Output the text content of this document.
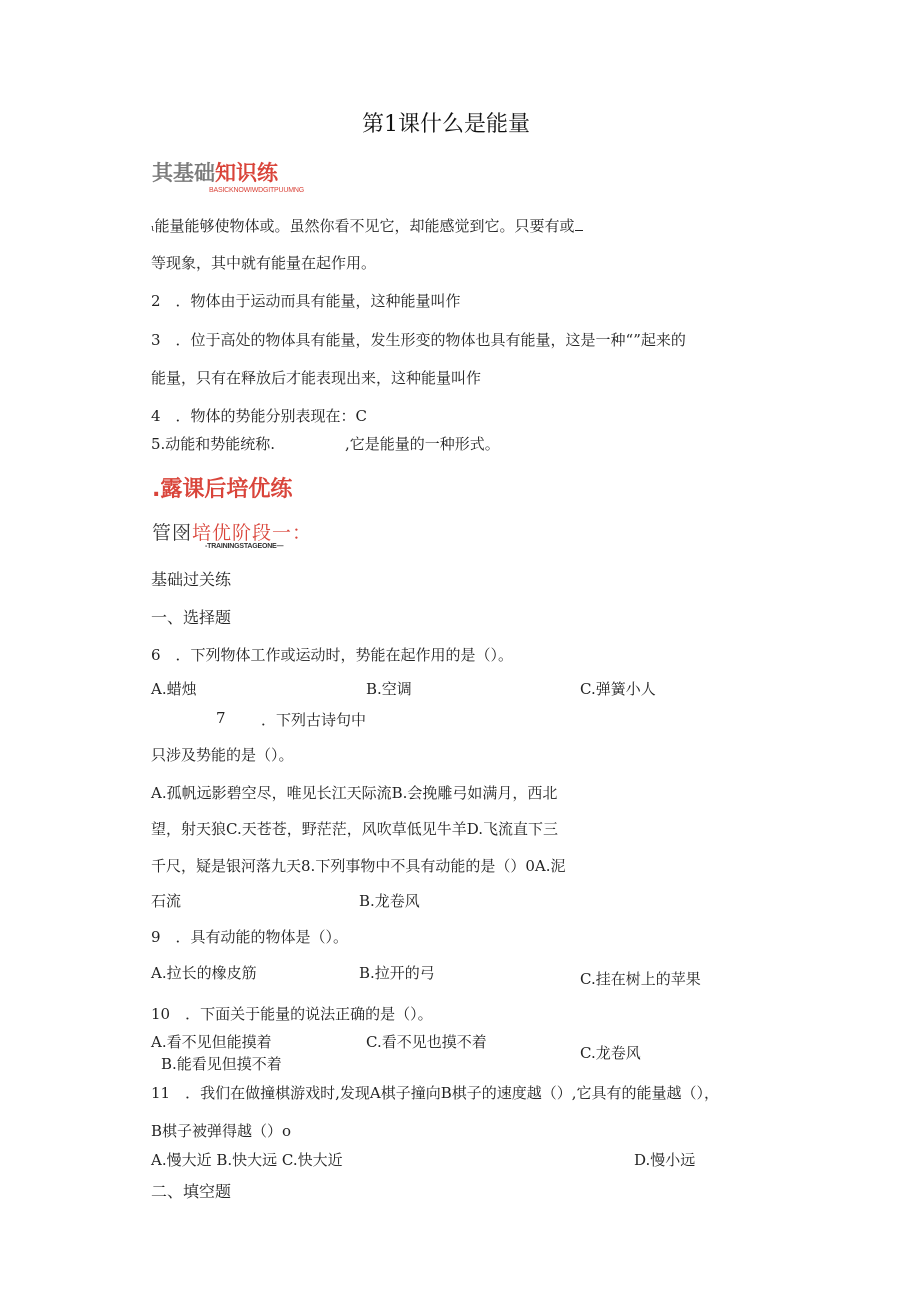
第1课什么是能量
其基础知识练
BASICKNOWIWDGITPUUMNG
ι能量能够使物体或。虽然你看不见它，却能感觉到它。只要有或
等现象，其中就有能量在起作用。
2　．物体由于运动而具有能量，这种能量叫作
3　．位于高处的物体具有能量，发生形变的物体也具有能量，这是一种“”起来的
能量，只有在释放后才能表现出来，这种能量叫作
4　．物体的势能分别表现在：C
5.动能和势能统称.	,它是能量的一种形式。
.露课后培优练
管囹培优阶段一：
-TRAININGSTAGEONE—
基础过关练
一、选择题
6　．下列物体工作或运动时，势能在起作用的是（）。
A.蜡烛	B.空调	C.弹簧小人
7 ．下列古诗句中
只涉及势能的是（）。
A.孤帆远影碧空尽，唯见长江天际流B.会挽雕弓如满月，西北
望，射天狼C.天苍苍，野茫茫，风吹草低见牛羊D.飞流直下三
千尺，疑是银河落九天8.下列事物中不具有动能的是（）0A.泥
石流	B.龙卷风
9　．具有动能的物体是（）。
A.拉长的橡皮筋	B.拉开的弓	C.挂在树上的苹果
10　．下面关于能量的说法正确的是（）。
A.看不见但能摸着	C.看不见也摸不着
B.能看见但摸不着
C.龙卷风
11　．我们在做撞棋游戏时,发现A棋子撞向B棋子的速度越（）,它具有的能量越（），
B棋子被弹得越（）o
A.慢大近 B.快大远 C.快大近	D.慢小远
二、填空题
